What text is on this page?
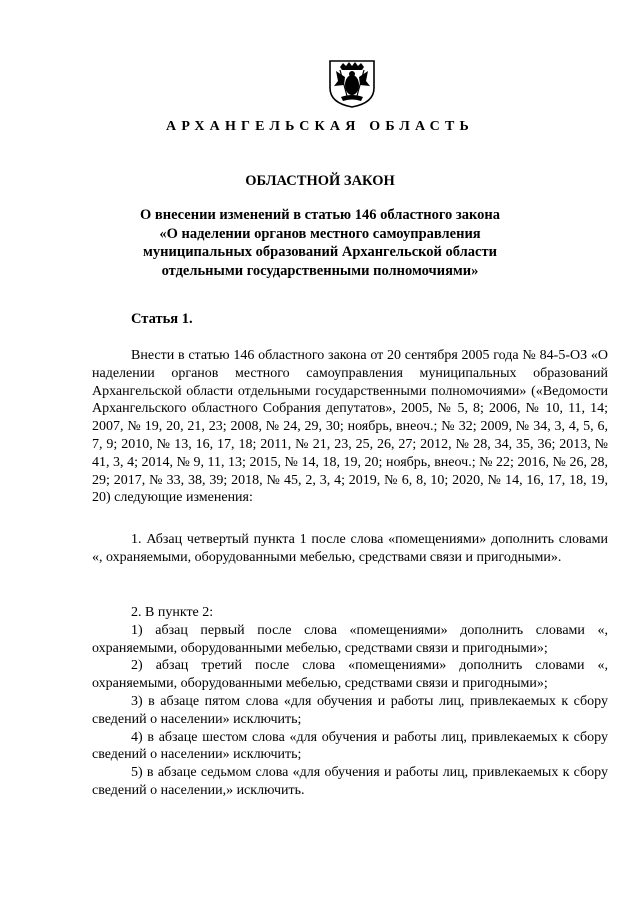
АРХАНГЕЛЬСКАЯ ОБЛАСТЬ
ОБЛАСТНОЙ ЗАКОН
О внесении изменений в статью 146 областного закона «О наделении органов местного самоуправления муниципальных образований Архангельской области отдельными государственными полномочиями»
Статья 1.

Внести в статью 146 областного закона от 20 сентября 2005 года № 84-5-ОЗ «О наделении органов местного самоуправления муниципальных образований Архангельской области отдельными государственными полномочиями» («Ведомости Архангельского областного Собрания депутатов», 2005, № 5, 8; 2006, № 10, 11, 14; 2007, № 19, 20, 21, 23; 2008, № 24, 29, 30; ноябрь, внеоч.; № 32; 2009, № 34, 3, 4, 5, 6, 7, 9; 2010, № 13, 16, 17, 18; 2011, № 21, 23, 25, 26, 27; 2012, № 28, 34, 35, 36; 2013, № 41, 3, 4; 2014, № 9, 11, 13; 2015, № 14, 18, 19, 20; ноябрь, внеоч.; № 22; 2016, № 26, 28, 29; 2017, № 33, 38, 39; 2018, № 45, 2, 3, 4; 2019, № 6, 8, 10; 2020, № 14, 16, 17, 18, 19, 20) следующие изменения:

1. Абзац четвертый пункта 1 после слова «помещениями» дополнить словами «, охраняемыми, оборудованными мебелью, средствами связи и пригодными».

2. В пункте 2:

1) абзац первый после слова «помещениями» дополнить словами «, охраняемыми, оборудованными мебелью, средствами связи и пригодными»;

2) абзац третий после слова «помещениями» дополнить словами «, охраняемыми, оборудованными мебелью, средствами связи и пригодными»;

3) в абзаце пятом слова «для обучения и работы лиц, привлекаемых к сбору сведений о населении» исключить;

4) в абзаце шестом слова «для обучения и работы лиц, привлекаемых к сбору сведений о населении» исключить;

5) в абзаце седьмом слова «для обучения и работы лиц, привлекаемых к сбору сведений о населении,» исключить.
